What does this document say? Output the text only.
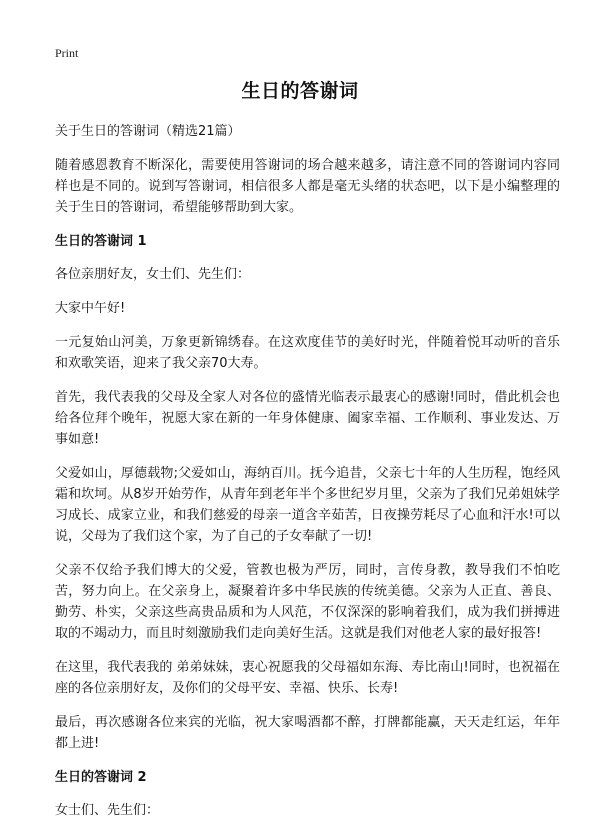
Print
生日的答谢词

关于生日的答谢词（精选21篇）

随着感恩教育不断深化，需要使用答谢词的场合越来越多，请注意不同的答谢词内容同样也是不同的。说到写答谢词，相信很多人都是毫无头绪的状态吧，以下是小编整理的关于生日的答谢词，希望能够帮助到大家。

生日的答谢词 1

各位亲朋好友，女士们、先生们：

大家中午好!

一元复始山河美，万象更新锦绣春。在这欢度佳节的美好时光，伴随着悦耳动听的音乐和欢歌笑语，迎来了我父亲70大寿。

首先，我代表我的父母及全家人对各位的盛情光临表示最衷心的感谢!同时，借此机会也给各位拜个晚年，祝愿大家在新的一年身体健康、阖家幸福、工作顺利、事业发达、万事如意!

父爱如山，厚德载物;父爱如山，海纳百川。抚今追昔，父亲七十年的人生历程，饱经风霜和坎坷。从8岁开始劳作，从青年到老年半个多世纪岁月里，父亲为了我们兄弟姐妹学习成长、成家立业，和我们慈爱的母亲一道含辛茹苦，日夜操劳耗尽了心血和汗水!可以说，父母为了我们这个家，为了自己的子女奉献了一切!

父亲不仅给予我们博大的父爱，管教也极为严厉，同时，言传身教，教导我们不怕吃苦，努力向上。在父亲身上，凝聚着许多中华民族的传统美德。父亲为人正直、善良、勤劳、朴实，父亲这些高贵品质和为人风范，不仅深深的影响着我们，成为我们拼搏进取的不竭动力，而且时刻激励我们走向美好生活。这就是我们对他老人家的最好报答!

在这里，我代表我的 弟弟妹妹，衷心祝愿我的父母福如东海、寿比南山!同时，也祝福在座的各位亲朋好友，及你们的父母平安、幸福、快乐、长寿!

最后，再次感谢各位来宾的光临，祝大家喝酒都不醉，打牌都能赢，天天走红运，年年都上进!

生日的答谢词 2

女士们、先生们：
